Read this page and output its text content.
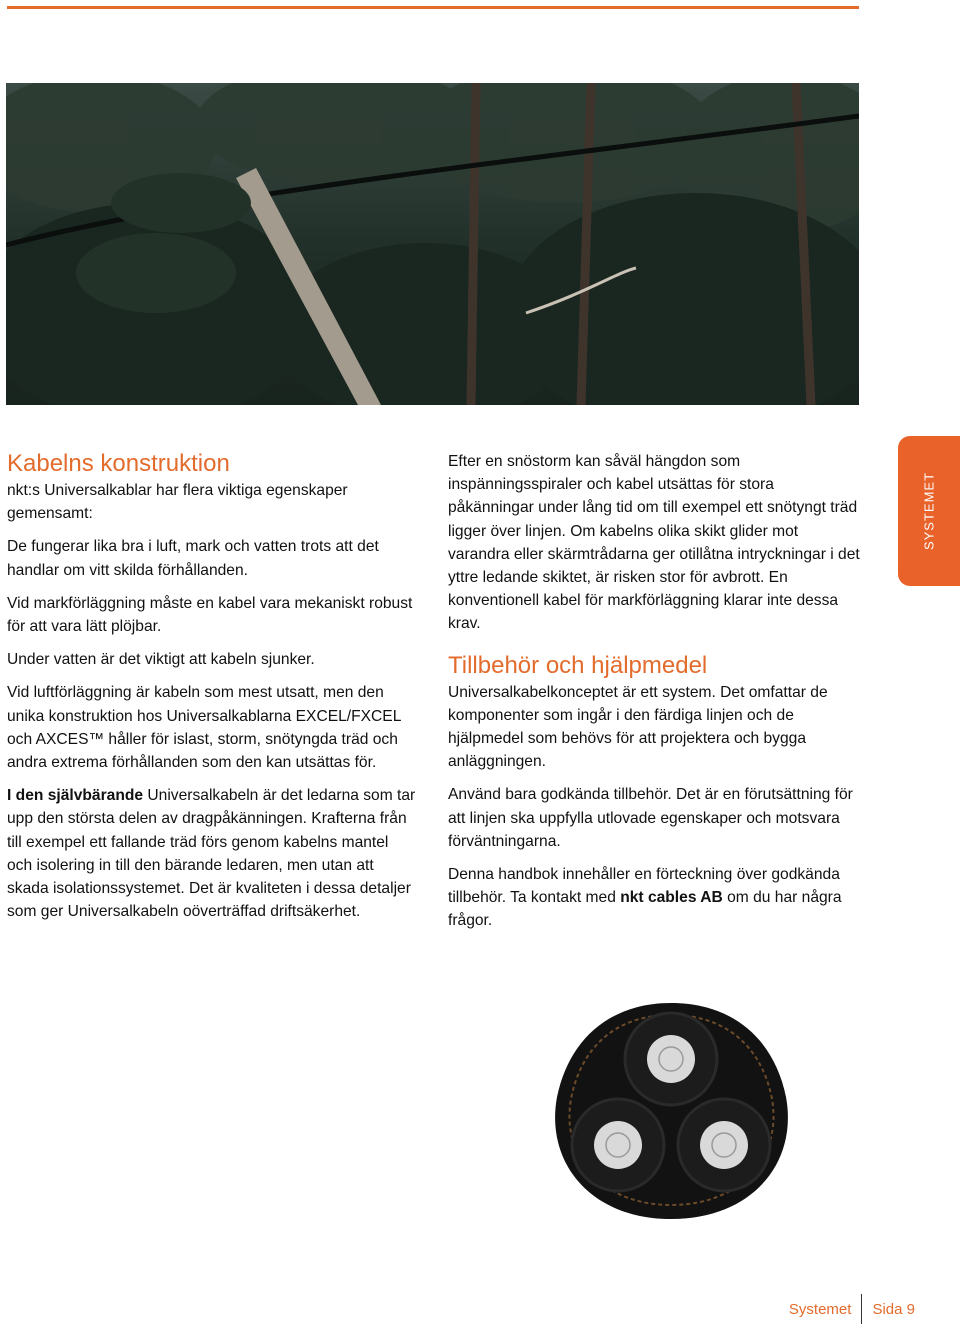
SYSTEMET
Kabelns konstruktion

nkt:s Universalkablar har flera viktiga egenskaper gemensamt:

De fungerar lika bra i luft, mark och vatten trots att det handlar om vitt skilda förhållanden.

Vid markförläggning måste en kabel vara mekaniskt robust för att vara lätt plöjbar.

Under vatten är det viktigt att kabeln sjunker.

Vid luftförläggning är kabeln som mest utsatt, men den unika konstruktion hos Universalkablarna EXCEL/FXCEL och AXCES™ håller för islast, storm, snötyngda träd och andra extrema förhållanden som den kan utsättas för.

I den självbärande Universalkabeln är det ledarna som tar upp den största delen av dragpåkänningen. Krafterna från till exempel ett fallande träd förs genom kabelns mantel och isolering in till den bärande ledaren, men utan att skada isolationssystemet. Det är kvaliteten i dessa detaljer som ger Universalkabeln oöverträffad driftsäkerhet.

Efter en snöstorm kan såväl hängdon som inspänningsspiraler och kabel utsättas för stora påkänningar under lång tid om till exempel ett snötyngt träd ligger över linjen. Om kabelns olika skikt glider mot varandra eller skärmtrådarna ger otillåtna intryckningar i det yttre ledande skiktet, är risken stor för avbrott. En konventionell kabel för markförläggning klarar inte dessa krav.

Tillbehör och hjälpmedel

Universalkabelkonceptet är ett system. Det omfattar de komponenter som ingår i den färdiga linjen och de hjälpmedel som behövs för att projektera och bygga anläggningen.

Använd bara godkända tillbehör. Det är en förutsättning för att linjen ska uppfylla utlovade egenskaper och motsvara förväntningarna.

Denna handbok innehåller en förteckning över godkända tillbehör. Ta kontakt med nkt cables AB om du har några frågor.

Systemet Sida 9
